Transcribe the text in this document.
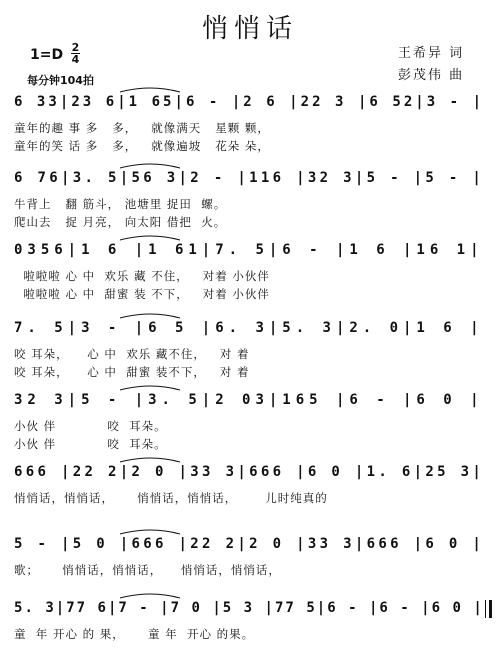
悄悄话
1=D 2
4
每分钟104拍
王希异 词
彭茂伟 曲
6 33|23 6|1 65|6 - |2 6 |22 3 |6 52|3 - |
童年的趣 事 多   多，   就像满天   星颗 颗，
童年的笑 话 多   多，   就像遍坡   花朵 朵，
6 76|3. 5|56 3|2 - |116 |32 3|5 - |5 - |
牛背上   翻 筋斗， 池塘里 捉田  螺。
爬山去   捉 月亮， 向太阳 借把  火。
0356|1 6 |1 61|7. 5|6 - |1 6 |16 1|
啦啦啦 心 中  欢乐 藏 不住，   对着 小伙伴
啦啦啦 心 中  甜蜜 装 不下，   对着 小伙伴
7. 5|3 - |6 5 |6. 3|5. 3|2. 0|1 6 |
咬 耳朵，    心 中  欢乐 藏不住，   对 着
咬 耳朵，    心 中  甜蜜 装不下，   对 着
32 3|5 - |3. 5|2 03|165 |6 - |6 0 |
小伙 伴           咬  耳朵。
小伙 伴           咬  耳朵。
666 |22 2|2 0 |33 3|666 |6 0 |1. 6|25 3|
悄悄话，悄悄话，     悄悄话，悄悄话，      儿时纯真的
5 - |5 0 |666 |22 2|2 0 |33 3|666 |6 0 |
歌；     悄悄话，悄悄话，    悄悄话，悄悄话，
5. 3|77 6|7 - |7 0 |5 3 |77 5|6 - |6 - |6 0 |
童  年 开心 的 果，     童 年  开心 的果。
